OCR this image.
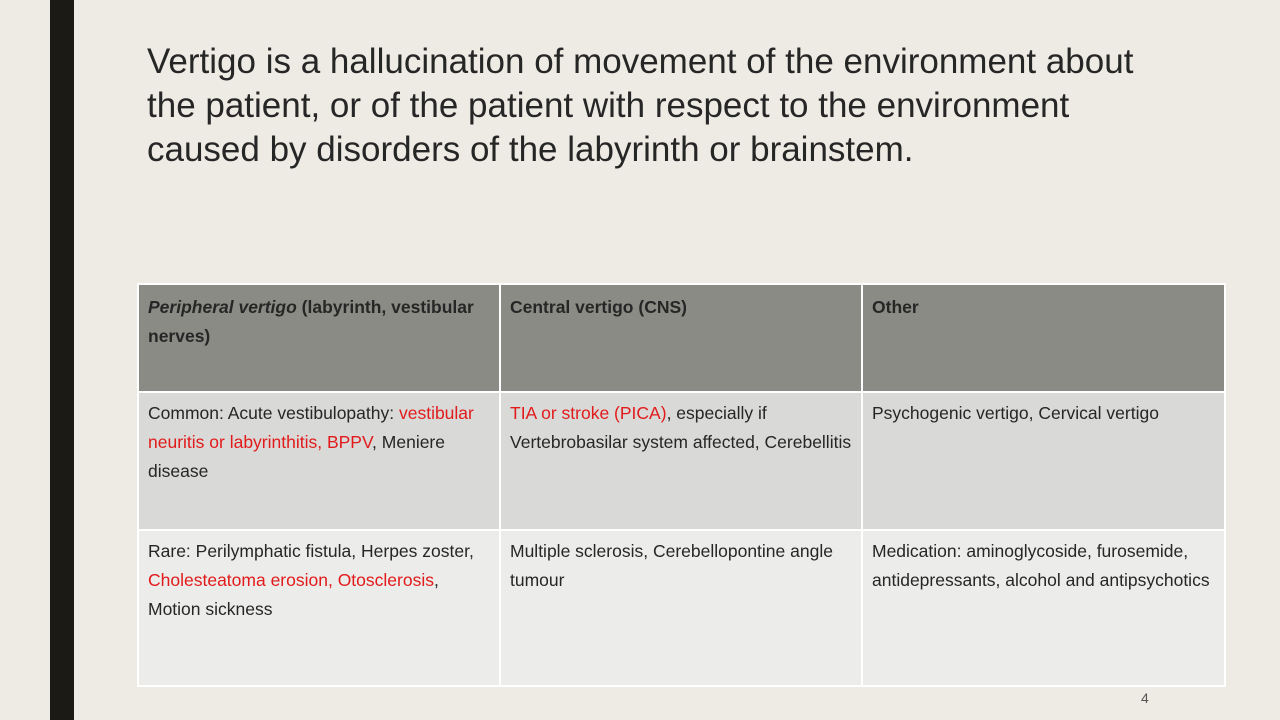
Vertigo is a hallucination of movement of the environment about the patient, or of the patient with respect to the environment caused by disorders of the labyrinth or brainstem.
Peripheral vertigo (labyrinth, vestibular nerves)	Central vertigo (CNS)	Other
Common: Acute vestibulopathy: vestibular neuritis or labyrinthitis, BPPV, Meniere disease	TIA or stroke (PICA), especially if Vertebrobasilar system affected, Cerebellitis	Psychogenic vertigo, Cervical vertigo
Rare: Perilymphatic fistula, Herpes zoster, Cholesteatoma erosion, Otosclerosis, Motion sickness	Multiple sclerosis, Cerebellopontine angle tumour	Medication: aminoglycoside, furosemide, antidepressants, alcohol and antipsychotics
4
